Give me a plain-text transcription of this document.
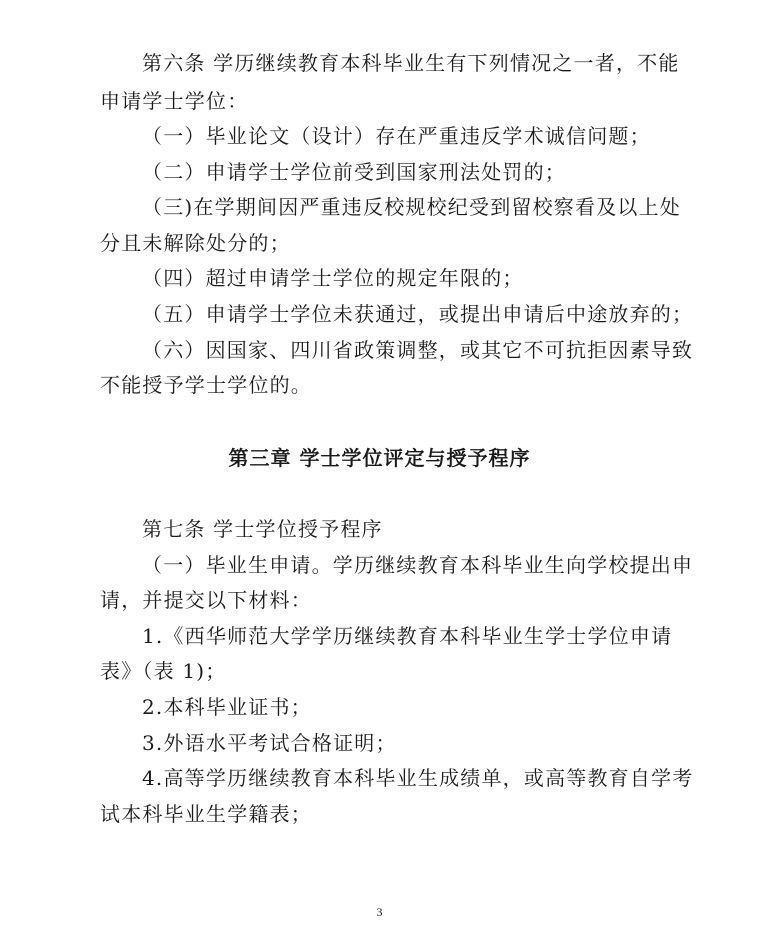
第六条 学历继续教育本科毕业生有下列情况之一者，不能
申请学士学位：
（一）毕业论文（设计）存在严重违反学术诚信问题；
（二）申请学士学位前受到国家刑法处罚的；
（三)在学期间因严重违反校规校纪受到留校察看及以上处
分且未解除处分的；
（四）超过申请学士学位的规定年限的；
（五）申请学士学位未获通过，或提出申请后中途放弃的；
（六）因国家、四川省政策调整，或其它不可抗拒因素导致
不能授予学士学位的。
第三章 学士学位评定与授予程序
第七条 学士学位授予程序
（一）毕业生申请。学历继续教育本科毕业生向学校提出申
请，并提交以下材料：
1.《西华师范大学学历继续教育本科毕业生学士学位申请
表》（表 1)；
2.本科毕业证书；
3.外语水平考试合格证明；
4.高等学历继续教育本科毕业生成绩单，或高等教育自学考
试本科毕业生学籍表；
3
